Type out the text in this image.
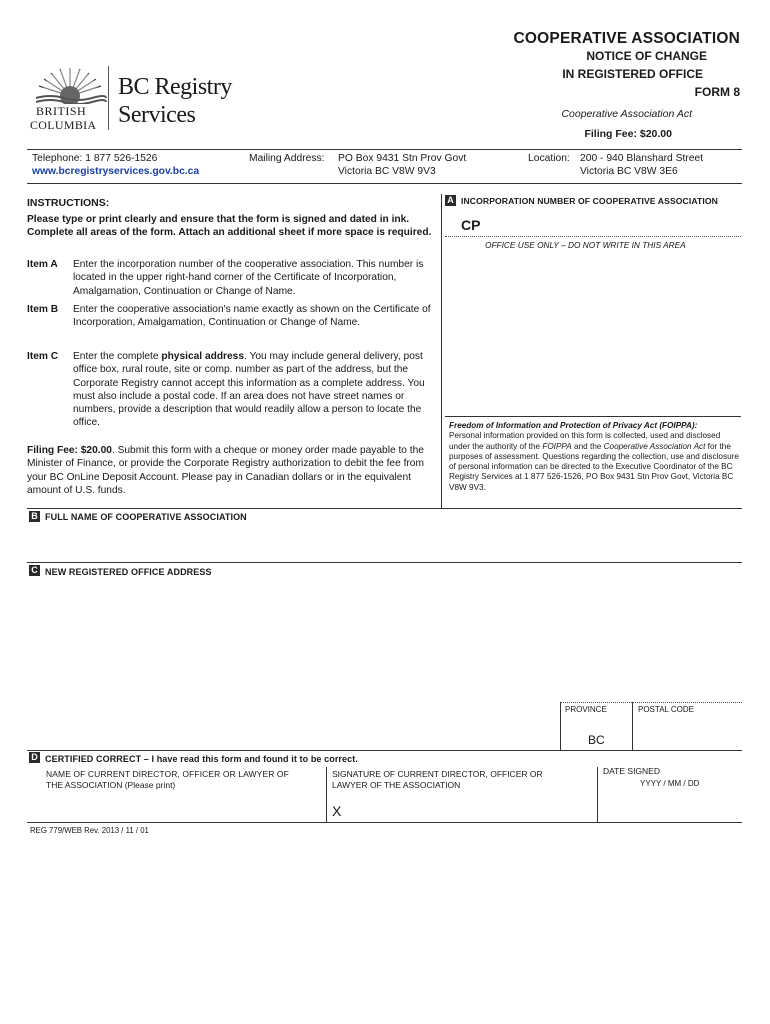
COOPERATIVE ASSOCIATION
NOTICE OF CHANGE
IN REGISTERED OFFICE
FORM 8
Cooperative Association Act
Filing Fee: $20.00
BRITISH
COLUMBIA
BC Registry
Services
Telephone: 1 877 526-1526
www.bcregistryservices.gov.bc.ca
Mailing Address: PO Box 9431 Stn Prov Govt
Victoria BC V8W 9V3
Location: 200 - 940 Blanshard Street
Victoria BC V8W 3E6
INSTRUCTIONS:
Please type or print clearly and ensure that the form is signed and dated in ink. Complete all areas of the form. Attach an additional sheet if more space is required.
Item A	Enter the incorporation number of the cooperative association. This number is located in the upper right-hand corner of the Certificate of Incorporation, Amalgamation, Continuation or Change of Name.
Item B	Enter the cooperative association's name exactly as shown on the Certificate of Incorporation, Amalgamation, Continuation or Change of Name.
Item C	Enter the complete physical address. You may include general delivery, post office box, rural route, site or comp. number as part of the address, but the Corporate Registry cannot accept this information as a complete address. You must also include a postal code. If an area does not have street names or numbers, provide a description that would readily allow a person to locate the office.
Filing Fee: $20.00. Submit this form with a cheque or money order made payable to the Minister of Finance, or provide the Corporate Registry authorization to debit the fee from your BC OnLine Deposit Account. Please pay in Canadian dollars or in the equivalent amount of U.S. funds.
A INCORPORATION NUMBER OF COOPERATIVE ASSOCIATION
CP
OFFICE USE ONLY – DO NOT WRITE IN THIS AREA
Freedom of Information and Protection of Privacy Act (FOIPPA):
Personal information provided on this form is collected, used and disclosed under the authority of the FOIPPA and the Cooperative Association Act for the purposes of assessment. Questions regarding the collection, use and disclosure of personal information can be directed to the Executive Coordinator of the BC Registry Services at 1 877 526-1526, PO Box 9431 Stn Prov Govt, Victoria BC V8W 9V3.
B FULL NAME OF COOPERATIVE ASSOCIATION
C NEW REGISTERED OFFICE ADDRESS
PROVINCE	POSTAL CODE
BC
D CERTIFIED CORRECT – I have read this form and found it to be correct.
NAME OF CURRENT DIRECTOR, OFFICER OR LAWYER OF
THE ASSOCIATION (Please print)
SIGNATURE OF CURRENT DIRECTOR, OFFICER OR
LAWYER OF THE ASSOCIATION
X
DATE SIGNED
YYYY / MM / DD
REG 779/WEB Rev. 2013 / 11 / 01
